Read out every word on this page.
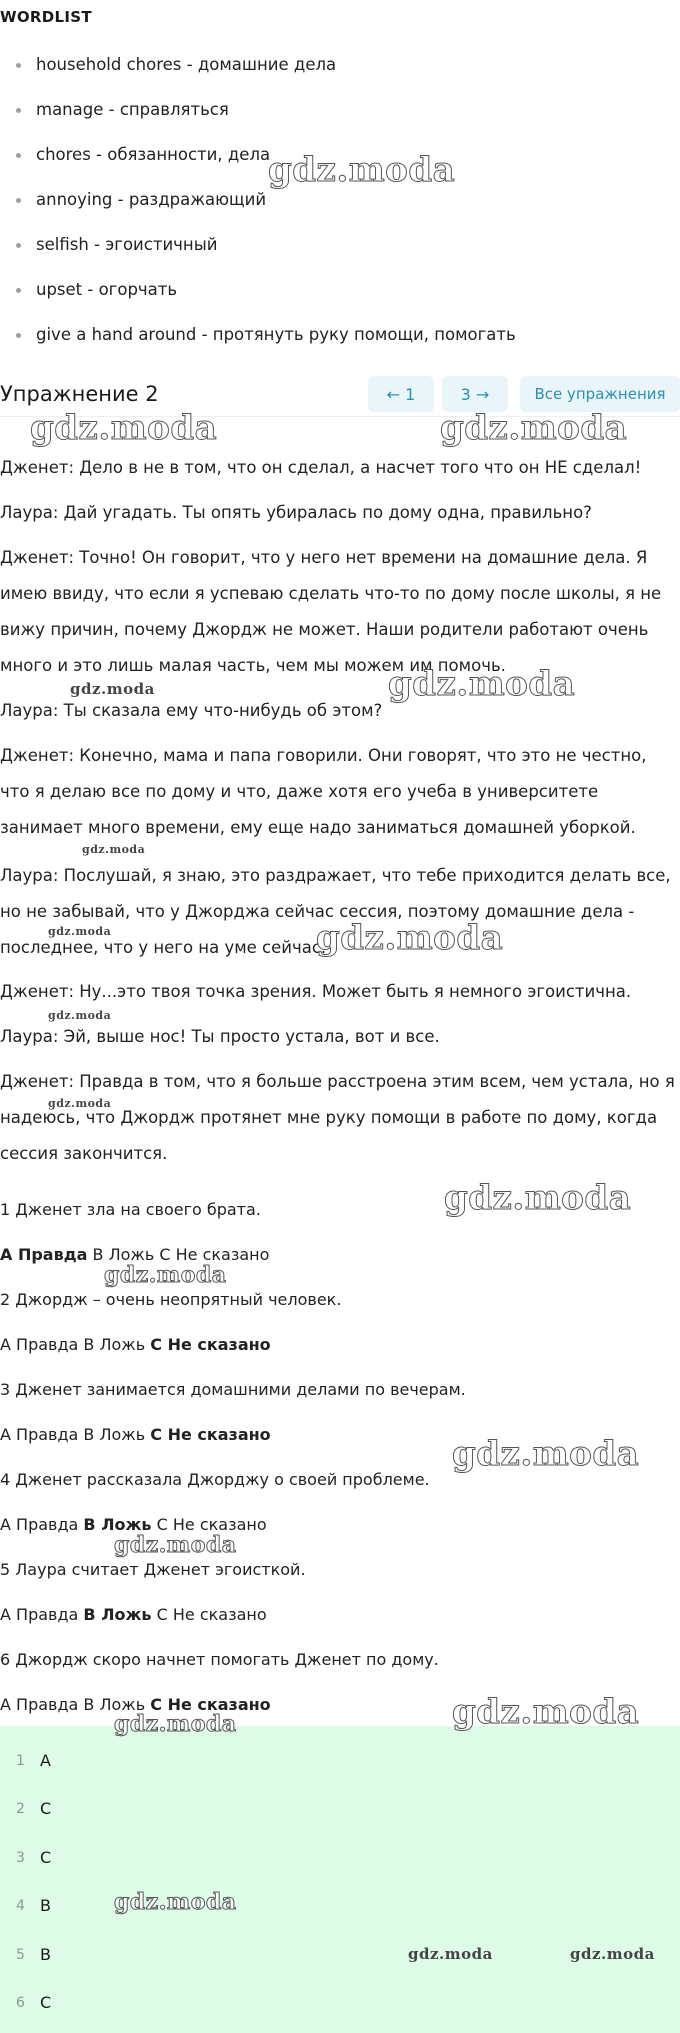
WORDLIST
household chores - домашние дела
manage - справляться
chores - обязанности, дела
annoying - раздражающий
selfish - эгоистичный
upset - огорчать
give a hand around - протянуть руку помощи, помогать
Упражнение 2	← 1	3 →	Все упражнения

Дженет: Дело в не в том, что он сделал, а насчет того что он НЕ сделал!

Лаура: Дай угадать. Ты опять убиралась по дому одна, правильно?

Дженет: Точно! Он говорит, что у него нет времени на домашние дела. Я имею ввиду, что если я успеваю сделать что-то по дому после школы, я не вижу причин, почему Джордж не может. Наши родители работают очень много и это лишь малая часть, чем мы можем им помочь.

Лаура: Ты сказала ему что-нибудь об этом?

Дженет: Конечно, мама и папа говорили. Они говорят, что это не честно, что я делаю все по дому и что, даже хотя его учеба в университете занимает много времени, ему еще надо заниматься домашней уборкой.

Лаура: Послушай, я знаю, это раздражает, что тебе приходится делать все, но не забывай, что у Джорджа сейчас сессия, поэтому домашние дела - последнее, что у него на уме сейчас.

Дженет: Ну...это твоя точка зрения. Может быть я немного эгоистична.

Лаура: Эй, выше нос! Ты просто устала, вот и все.

Дженет: Правда в том, что я больше расстроена этим всем, чем устала, но я надеюсь, что Джордж протянет мне руку помощи в работе по дому, когда сессия закончится.

1 Дженет зла на своего брата.
A Правда B Ложь C Не сказано
2 Джордж – очень неопрятный человек.
A Правда B Ложь C Не сказано
3 Дженет занимается домашними делами по вечерам.
A Правда B Ложь C Не сказано
4 Дженет рассказала Джорджу о своей проблеме.
A Правда B Ложь C Не сказано
5 Лаура считает Дженет эгоисткой.
A Правда B Ложь C Не сказано
6 Джордж скоро начнет помогать Дженет по дому.
A Правда B Ложь C Не сказано
1 A
2 C
3 C
4 B
5 B
6 C
gdz.moda
gdz.moda	gdz.moda
gdz.moda	gdz.moda
gdz.moda
gdz.moda	gdz.moda
gdz.moda
gdz.moda
gdz.moda
gdz.moda
gdz.moda
gdz.moda
gdz.moda
gdz.moda
gdz.moda
gdz.moda	gdz.moda
